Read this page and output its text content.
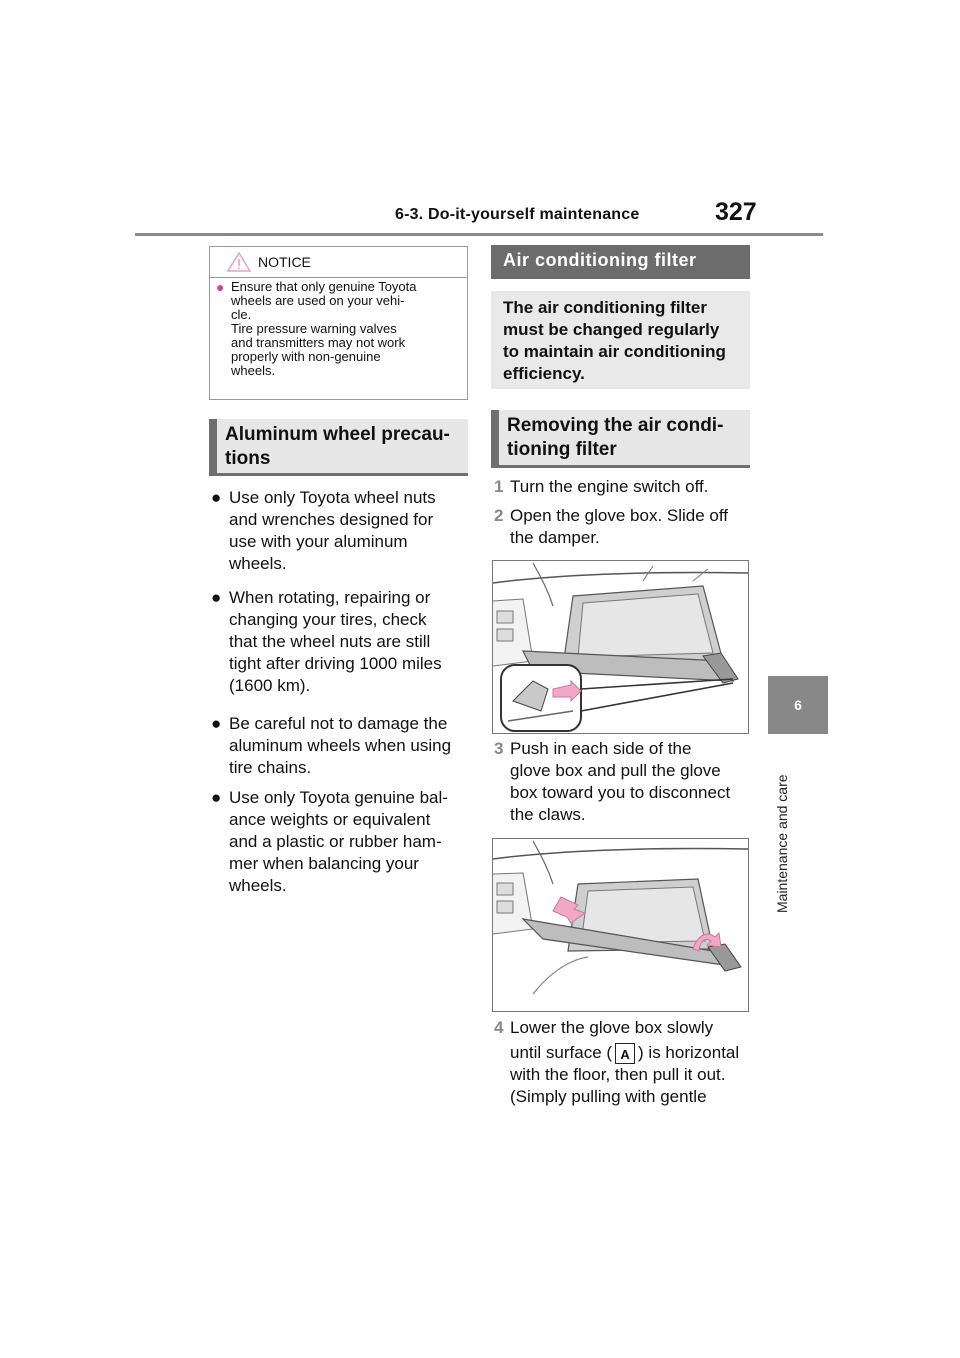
6-3. Do-it-yourself maintenance	327
6
Maintenance and care
NOTICE
● Ensure that only genuine Toyota
wheels are used on your vehi-
cle.
Tire pressure warning valves
and transmitters may not work
properly with non-genuine
wheels.
Aluminum wheel precau-
tions
● Use only Toyota wheel nuts
and wrenches designed for
use with your aluminum
wheels.
● When rotating, repairing or
changing your tires, check
that the wheel nuts are still
tight after driving 1000 miles
(1600 km).
● Be careful not to damage the
aluminum wheels when using
tire chains.
● Use only Toyota genuine bal-
ance weights or equivalent
and a plastic or rubber ham-
mer when balancing your
wheels.
Air conditioning filter
The air conditioning filter
must be changed regularly
to maintain air conditioning
efficiency.
Removing the air condi-
tioning filter
1 Turn the engine switch off.
2 Open the glove box. Slide off
the damper.
3 Push in each side of the
glove box and pull the glove
box toward you to disconnect
the claws.
4 Lower the glove box slowly
until surface ( A ) is horizontal
with the floor, then pull it out.
(Simply pulling with gentle
